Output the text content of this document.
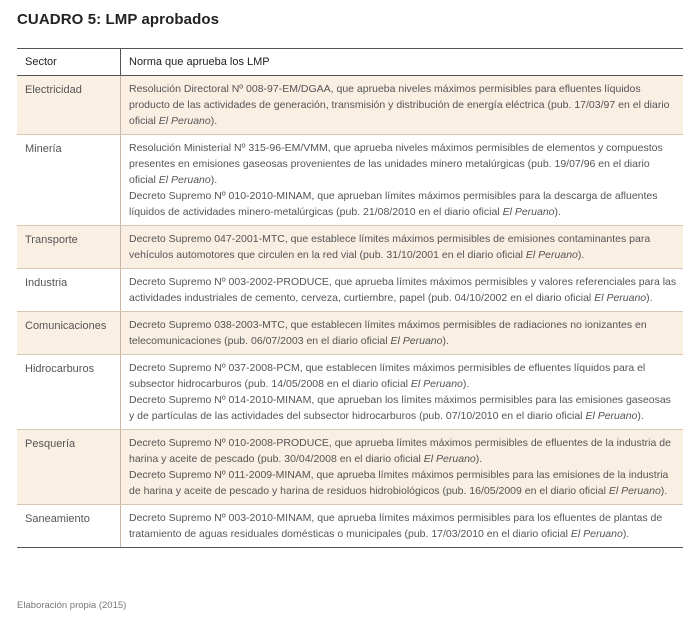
CUADRO 5: LMP aprobados
Sector	Norma que aprueba los LMP
Electricidad	Resolución Directoral Nº 008-97-EM/DGAA, que aprueba niveles máximos permisibles para efluentes líquidos producto de las actividades de generación, transmisión y distribución de energía eléctrica (pub. 17/03/97 en el diario oficial El Peruano).
Minería	Resolución Ministerial Nº 315-96-EM/VMM, que aprueba niveles máximos permisibles de elementos y compuestos presentes en emisiones gaseosas provenientes de las unidades minero metalúrgicas (pub. 19/07/96 en el diario oficial El Peruano).
Decreto Supremo Nº 010-2010-MINAM, que aprueban límites máximos permisibles para la descarga de afluentes líquidos de actividades minero-metalúrgicas (pub. 21/08/2010 en el diario oficial El Peruano).
Transporte	Decreto Supremo 047-2001-MTC, que establece límites máximos permisibles de emisiones contaminantes para vehículos automotores que circulen en la red vial (pub. 31/10/2001 en el diario oficial El Peruano).
Industria	Decreto Supremo Nº 003-2002-PRODUCE, que aprueba límites máximos permisibles y valores referenciales para las actividades industriales de cemento, cerveza, curtiembre, papel (pub. 04/10/2002 en el diario oficial El Peruano).
Comunicaciones	Decreto Supremo 038-2003-MTC, que establecen límites máximos permisibles de radiaciones no ionizantes en telecomunicaciones (pub. 06/07/2003 en el diario oficial El Peruano).
Hidrocarburos	Decreto Supremo Nº 037-2008-PCM, que establecen límites máximos permisibles de efluentes líquidos para el subsector hidrocarburos (pub. 14/05/2008 en el diario oficial El Peruano).
Decreto Supremo Nº 014-2010-MINAM, que aprueban los límites máximos permisibles para las emisiones gaseosas y de partículas de las actividades del subsector hidrocarburos (pub. 07/10/2010 en el diario oficial El Peruano).
Pesquería	Decreto Supremo Nº 010-2008-PRODUCE, que aprueba límites máximos permisibles de efluentes de la industria de harina y aceite de pescado (pub. 30/04/2008 en el diario oficial El Peruano).
Decreto Supremo Nº 011-2009-MINAM, que aprueba límites máximos permisibles para las emisiones de la industria de harina y aceite de pescado y harina de residuos hidrobiológicos (pub. 16/05/2009 en el diario oficial El Peruano).
Saneamiento	Decreto Supremo Nº 003-2010-MINAM, que aprueba límites máximos permisibles para los efluentes de plantas de tratamiento de aguas residuales domésticas o municipales (pub. 17/03/2010 en el diario oficial El Peruano).
Elaboración propia (2015)
